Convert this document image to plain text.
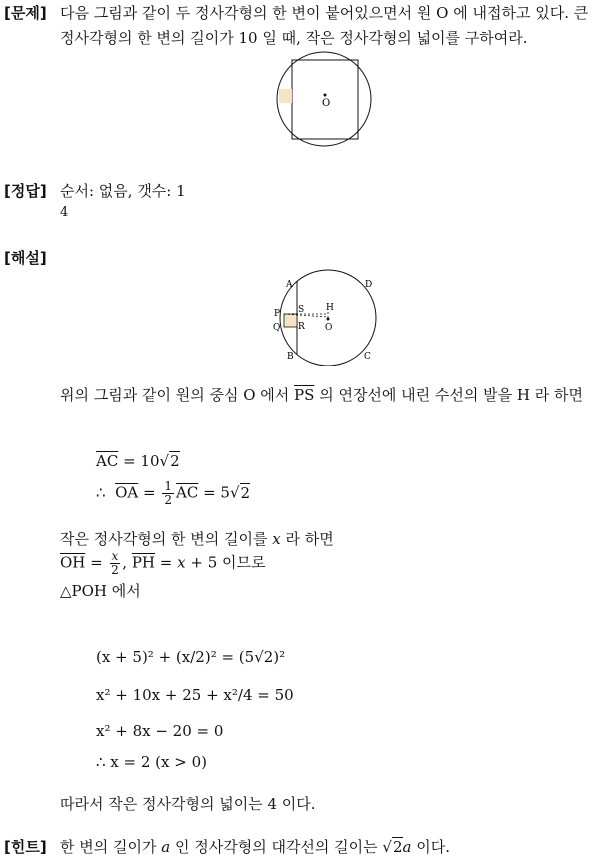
[문제] 다음 그림과 같이 두 정사각형의 한 변이 붙어있으면서 원 O 에 내접하고 있다. 큰
정사각형의 한 변의 길이가 10 일 때, 작은 정사각형의 넓이를 구하여라.
O
[정답] 순서: 없음, 갯수: 1
4
[해설]
A	D
P S H
Q R O
B	C
위의 그림과 같이 원의 중심 O 에서 $\overline{PS}$ 의 연장선에 내린 수선의 발을 H 라 하면
$\overline{AC} = 10√2$
∴ $\overline{OA} = \frac{1}{2} \overline{AC} = 5√2$
작은 정사각형의 한 변의 길이를 x 라 하면
$\overline{OH} = \frac{x}{2}$ , $\overline{PH} = x + 5$ 이므로
△POH 에서
(x + 5)² + (x/2)² = (5√2)²
x² + 10x + 25 + x²/4 = 50
x² + 8x − 20 = 0
∴ x = 2 (x > 0)
따라서 작은 정사각형의 넓이는 4 이다.
[힌트] 한 변의 길이가 a 인 정사각형의 대각선의 길이는 √2a 이다.
